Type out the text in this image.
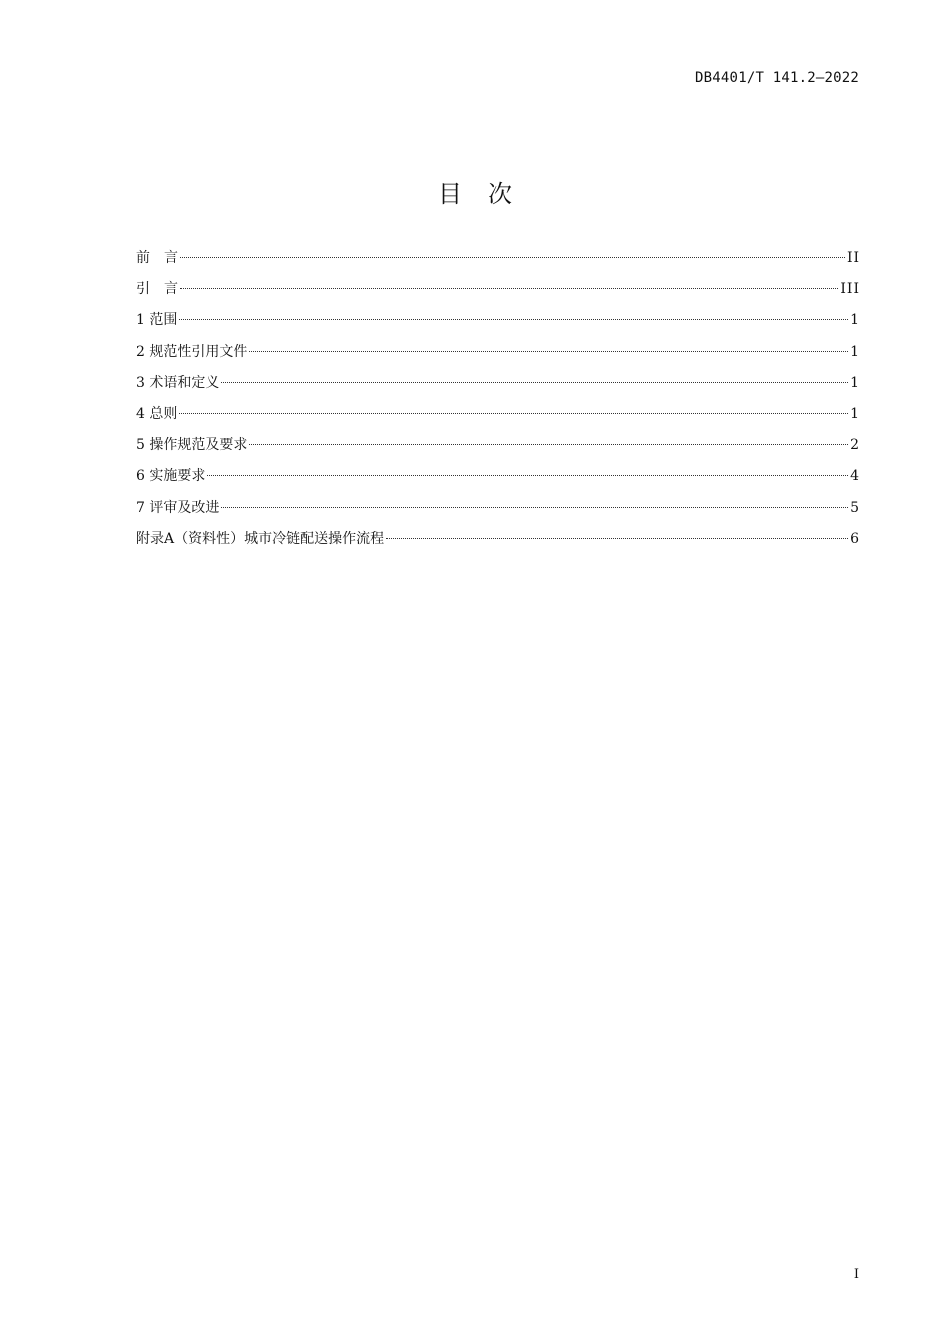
DB4401/T 141.2—2022
目次
前　言	II
引　言	III
1 范围	1
2 规范性引用文件	1
3 术语和定义	1
4 总则	1
5 操作规范及要求	2
6 实施要求	4
7 评审及改进	5
附录A（资料性）城市冷链配送操作流程	6
I
